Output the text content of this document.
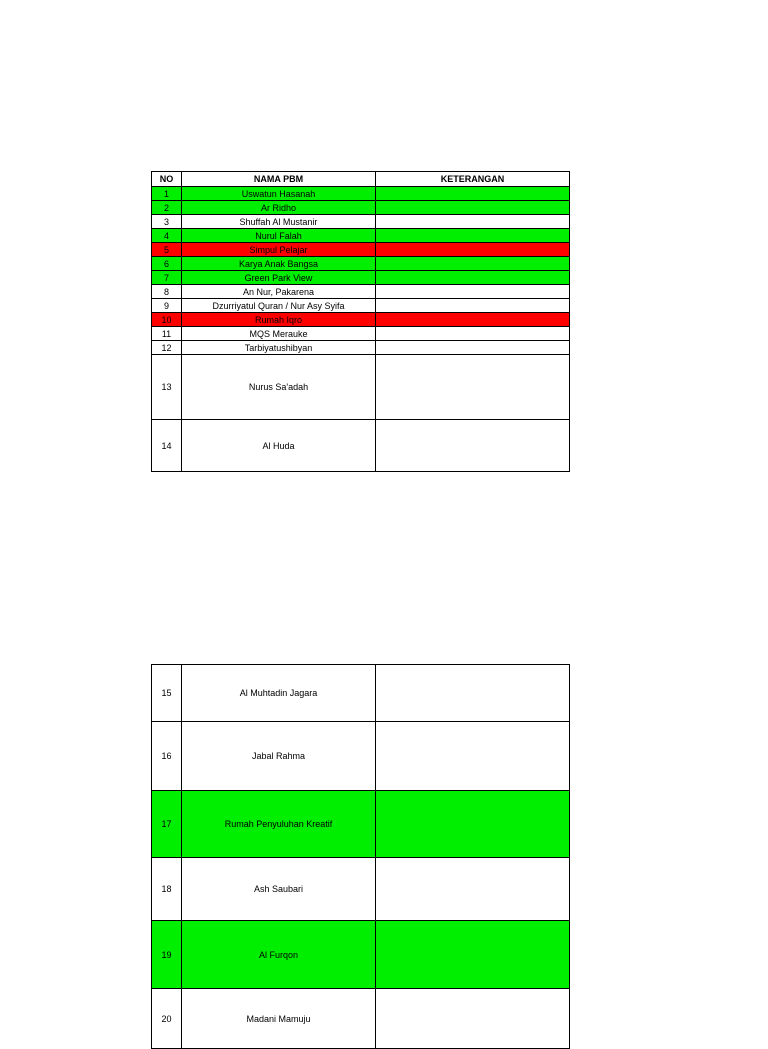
NO	NAMA PBM	KETERANGAN
1	Uswatun Hasanah	
2	Ar Ridho	
3	Shuffah Al Mustanir	
4	Nurul Falah	
5	Simpul Pelajar	
6	Karya Anak Bangsa	
7	Green Park View	
8	An Nur, Pakarena	
9	Dzurriyatul Quran / Nur Asy Syifa	
10	Rumah Iqro	
11	MQS Merauke	
12	Tarbiyatushibyan	
13	Nurus Sa'adah	
14	Al Huda	
15	Al Muhtadin Jagara	
16	Jabal Rahma	
17	Rumah Penyuluhan Kreatif	
18	Ash Saubari	
19	Al Furqon	
20	Madani Mamuju	
